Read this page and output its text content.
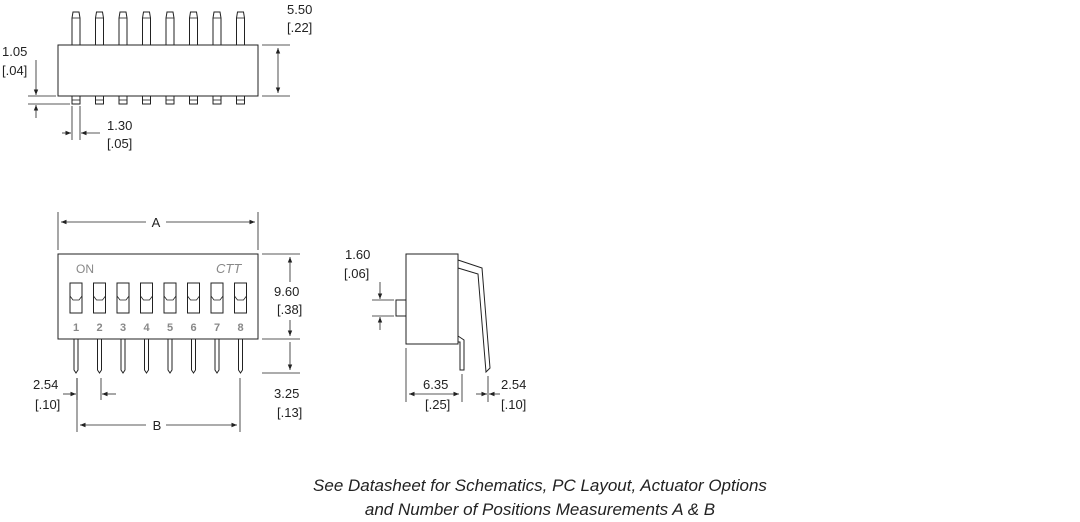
5.50
[.22]
1.05
[.04]
1.30
[.05]
ON	CTT
1 2 3 4 5 6 7 8
A
9.60
[.38]
3.25
[.13]
2.54
[.10]
B
1.60
[.06]
6.35
[.25]
2.54
[.10]

See Datasheet for Schematics, PC Layout, Actuator Options

and Number of Positions Measurements A & B
